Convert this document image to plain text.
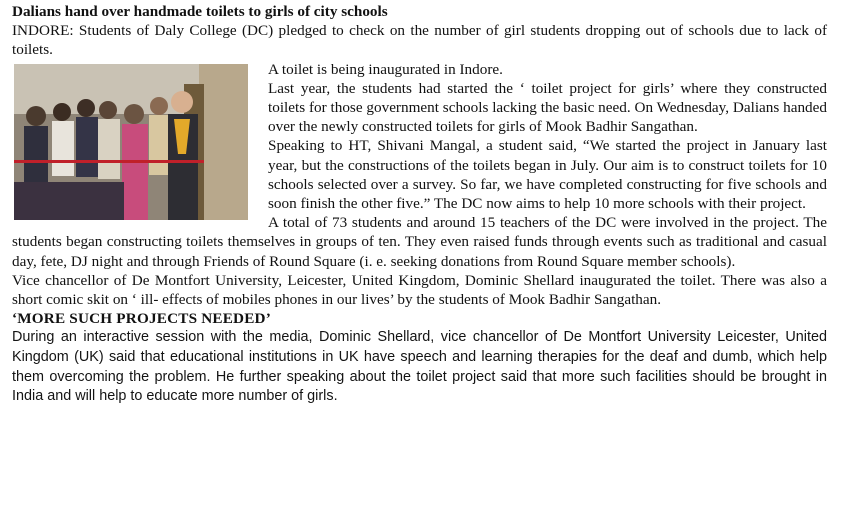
Dalians hand over handmade toilets to girls of city schools

INDORE: Students of Daly College (DC) pledged to check on the number of girl students dropping out of schools due to lack of toilets.

A toilet is being inaugurated in Indore.

Last year, the students had started the ‘ toilet project for girls’ where they constructed toilets for those government schools lacking the basic need. On Wednesday, Dalians handed over the newly constructed toilets for girls of Mook Badhir Sangathan.

Speaking to HT, Shivani Mangal, a student said, “We started the project in January last year, but the constructions of the toilets began in July. Our aim is to construct toilets for 10 schools selected over a survey. So far, we have completed constructing for five schools and soon finish the other five.” The DC now aims to help 10 more schools with their project.

A total of 73 students and around 15 teachers of the DC were involved in the project. The students began constructing toilets themselves in groups of ten. They even raised funds through events such as traditional and casual day, fete, DJ night and through Friends of Round Square (i. e. seeking donations from Round Square member schools).

Vice chancellor of De Montfort University, Leicester, United Kingdom, Dominic Shellard inaugurated the toilet. There was also a short comic skit on ‘ ill- effects of mobiles phones in our lives’ by the students of Mook Badhir Sangathan.

‘MORE SUCH PROJECTS NEEDED’

During an interactive session with the media, Dominic Shellard, vice chancellor of De Montfort University Leicester, United Kingdom (UK) said that educational institutions in UK have speech and learning therapies for the deaf and dumb, which help them overcoming the problem. He further speaking about the toilet project said that more such facilities should be brought in India and will help to educate more number of girls.
